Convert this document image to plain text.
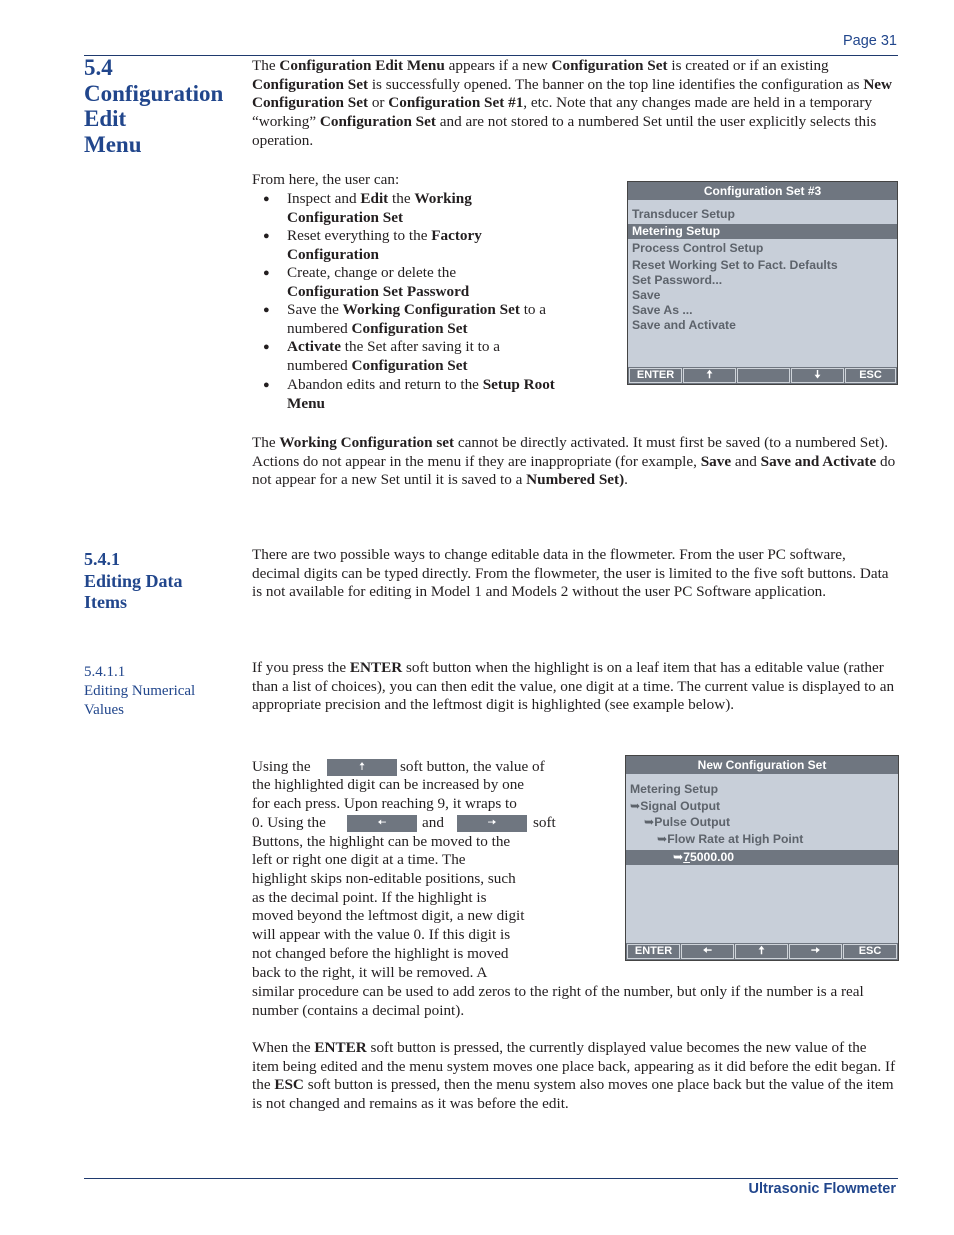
Page 31
5.4
Configuration
Edit
Menu
The Configuration Edit Menu appears if a new Configuration Set is created or if an existing Configuration Set is successfully opened. The banner on the top line identifies the configuration as New Configuration Set or Configuration Set #1, etc. Note that any changes made are held in a temporary “working” Configuration Set and are not stored to a numbered Set until the user explicitly selects this operation.
From here, the user can:
● Inspect and Edit the Working Configuration Set
● Reset everything to the Factory Configuration
● Create, change or delete the Configuration Set Password
● Save the Working Configuration Set to a numbered Configuration Set
● Activate the Set after saving it to a numbered Configuration Set
● Abandon edits and return to the Setup Root Menu
Configuration Set #3
Transducer Setup
Metering Setup
Process Control Setup
Reset Working Set to Fact. Defaults
Set Password...
Save
Save As ...
Save and Activate
ENTER	🠅	🠇	ESC
The Working Configuration set cannot be directly activated. It must first be saved (to a numbered Set). Actions do not appear in the menu if they are inappropriate (for example, Save and Save and Activate do not appear for a new Set until it is saved to a Numbered Set).
5.4.1
Editing Data
Items
There are two possible ways to change editable data in the flowmeter. From the user PC software, decimal digits can be typed directly. From the flowmeter, the user is limited to the five soft buttons. Data is not available for editing in Model 1 and Models 2 without the user PC Software application.
5.4.1.1
Editing Numerical
Values
If you press the ENTER soft button when the highlight is on a leaf item that has a editable value (rather than a list of choices), you can then edit the value, one digit at a time. The current value is displayed to an appropriate precision and the leftmost digit is highlighted (see example below).
Using the	🠅	soft button, the value of
the highlighted digit can be increased by one
for each press. Upon reaching 9, it wraps to
0. Using the	🠄	and	🠆	soft
Buttons, the highlight can be moved to the
left or right one digit at a time. The
highlight skips non-editable positions, such
as the decimal point. If the highlight is
moved beyond the leftmost digit, a new digit
will appear with the value 0. If this digit is
not changed before the highlight is moved
back to the right, it will be removed. A
similar procedure can be used to add zeros to the right of the number, but only if the number is a real number (contains a decimal point).
New Configuration Set
Metering Setup
➥Signal Output
➥Pulse Output
➥Flow Rate at High Point
➥75000.00
ENTER	🠄	🠅	🠆	ESC
When the ENTER soft button is pressed, the currently displayed value becomes the new value of the item being edited and the menu system moves one place back, appearing as it did before the edit began. If the ESC soft button is pressed, then the menu system also moves one place back but the value of the item is not changed and remains as it was before the edit.
Ultrasonic Flowmeter
